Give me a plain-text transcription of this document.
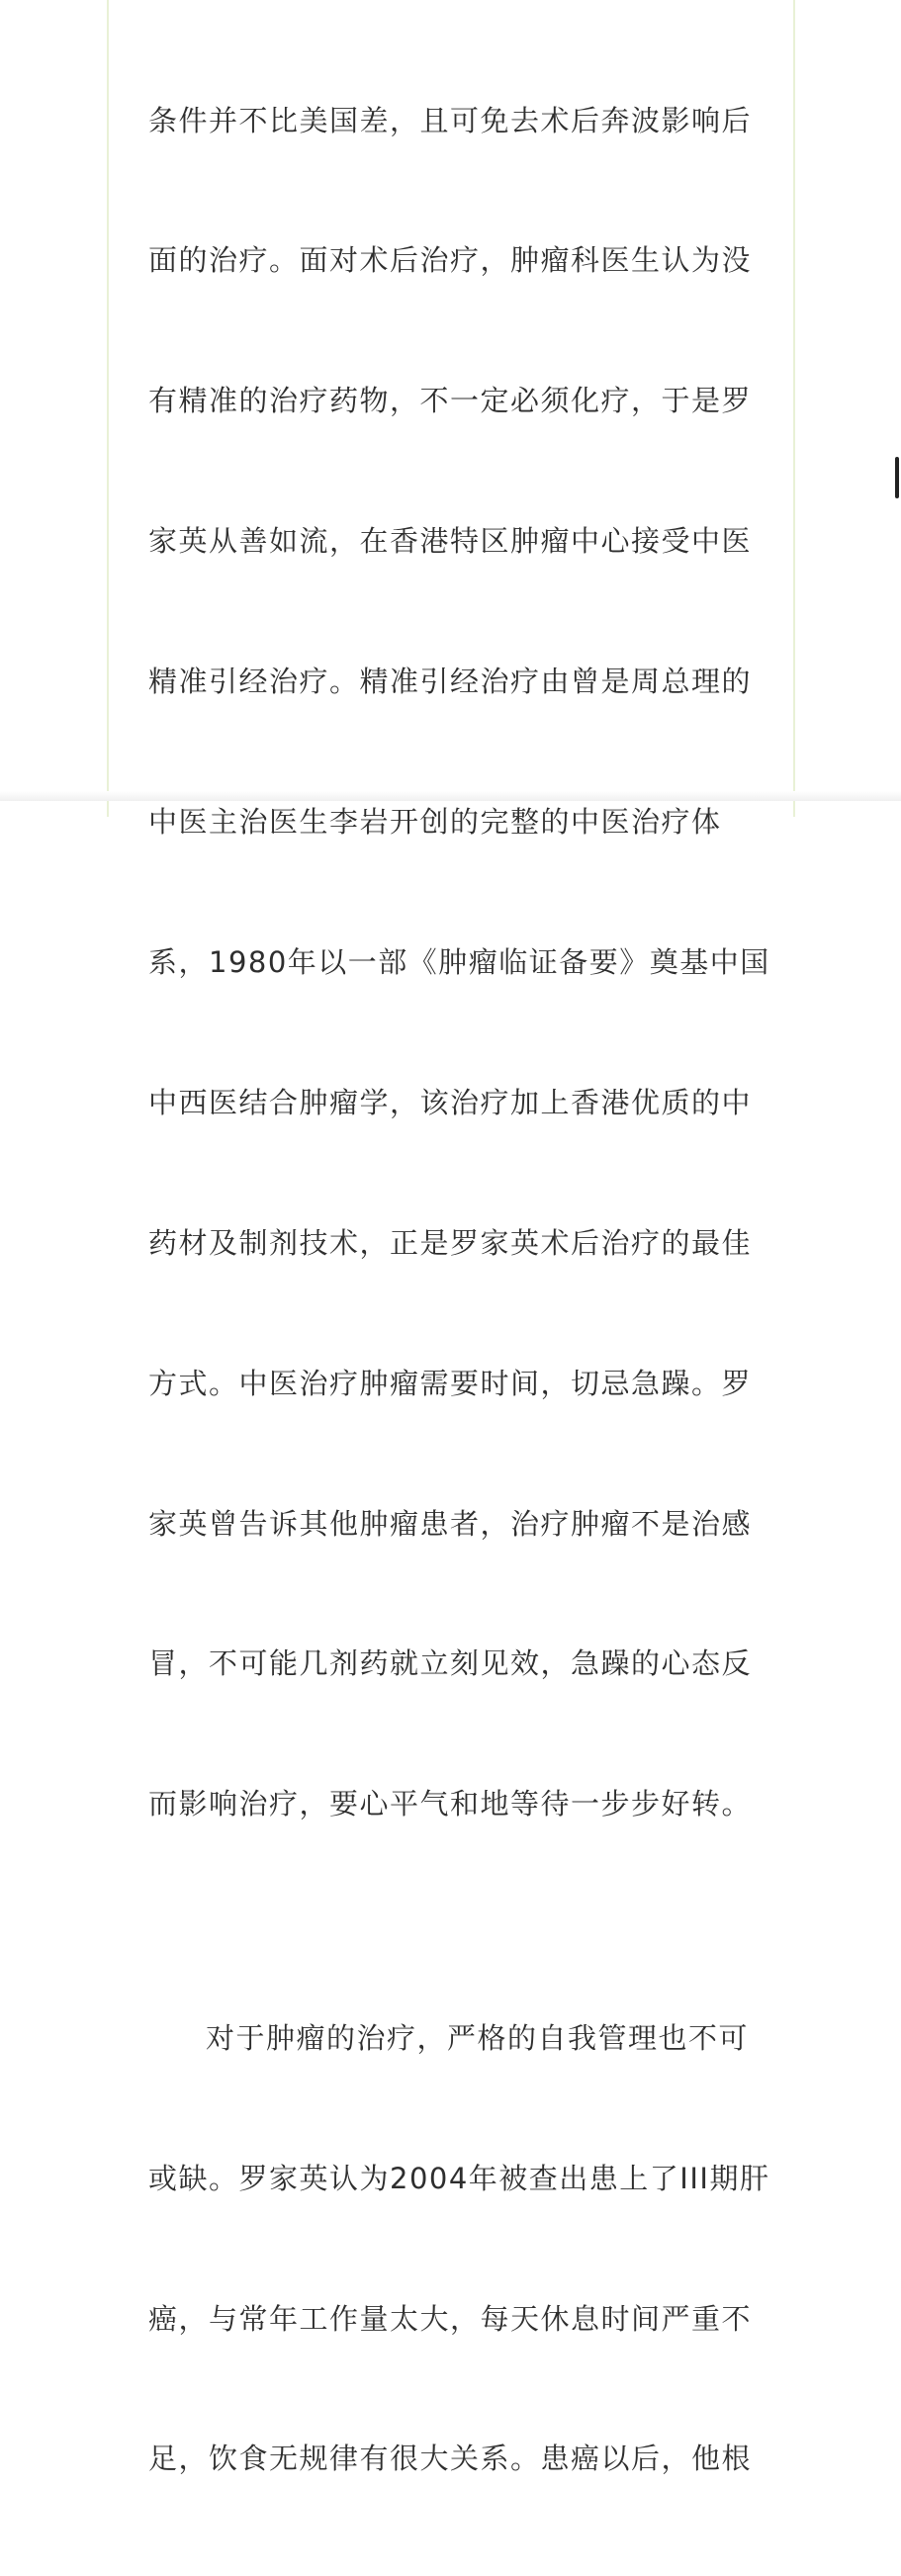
条件并不比美国差，且可免去术后奔波影响后

面的治疗。面对术后治疗，肿瘤科医生认为没

有精准的治疗药物，不一定必须化疗，于是罗

家英从善如流，在香港特区肿瘤中心接受中医

精准引经治疗。精准引经治疗由曾是周总理的

中医主治医生李岩开创的完整的中医治疗体

系，1980年以一部《肿瘤临证备要》奠基中国

中西医结合肿瘤学，该治疗加上香港优质的中

药材及制剂技术，正是罗家英术后治疗的最佳

方式。中医治疗肿瘤需要时间，切忌急躁。罗

家英曾告诉其他肿瘤患者，治疗肿瘤不是治感

冒，不可能几剂药就立刻见效，急躁的心态反

而影响治疗，要心平气和地等待一步步好转。

对于肿瘤的治疗，严格的自我管理也不可

或缺。罗家英认为2004年被查出患上了III期肝

癌，与常年工作量太大，每天休息时间严重不

足，饮食无规律有很大关系。患癌以后，他根
